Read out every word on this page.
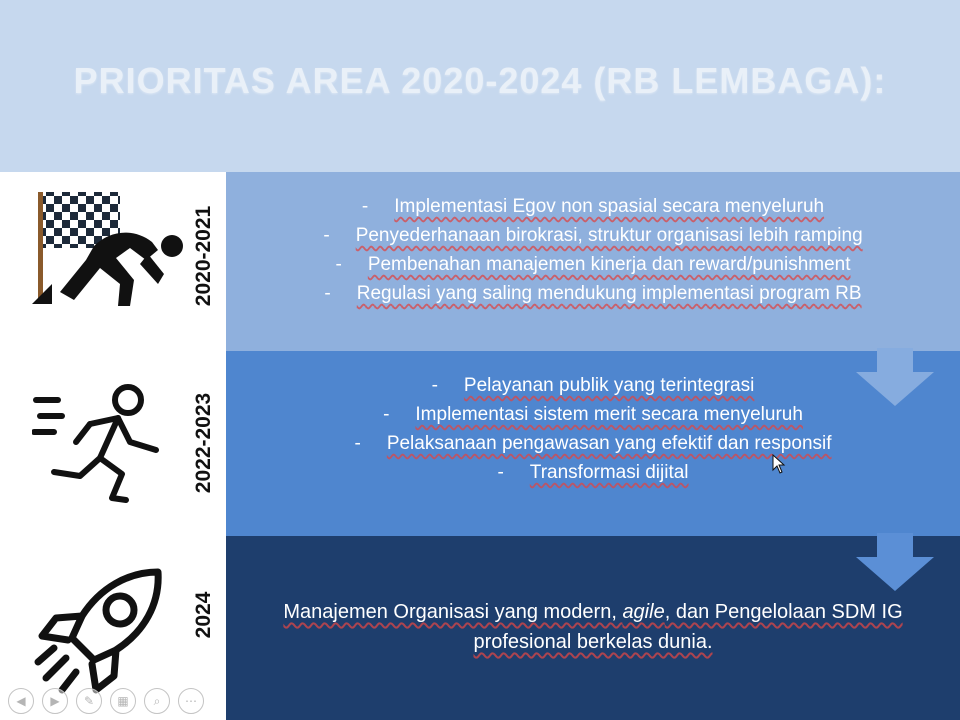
PRIORITAS AREA 2020-2024 (RB LEMBAGA):
- Implementasi Egov non spasial secara menyeluruh
- Penyederhanaan birokrasi, struktur organisasi lebih ramping
- Pembenahan manajemen kinerja dan reward/punishment
- Regulasi yang saling mendukung implementasi program RB
- Pelayanan publik yang terintegrasi
- Implementasi sistem merit secara menyeluruh
- Pelaksanaan pengawasan yang efektif dan responsif
- Transformasi dijital
Manajemen Organisasi yang modern, agile, dan Pengelolaan SDM IG
profesional berkelas dunia.
2020-2021
2022-2023
2024
◀	▶	✎	▦	⌕	⋯
